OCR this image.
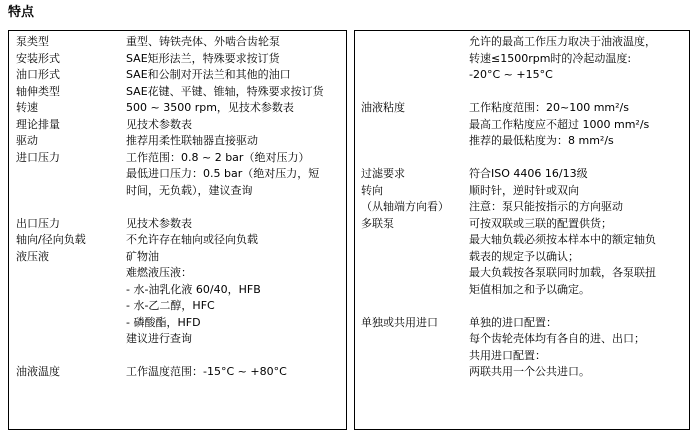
特点
泵类型	重型、铸铁壳体、外啮合齿轮泵
安装形式	SAE矩形法兰，特殊要求按订货
油口形式	SAE和公制对开法兰和其他的油口
轴伸类型	SAE花键、平键、锥轴，特殊要求按订货
转速	500 ~ 3500 rpm，见技术参数表
理论排量	见技术参数表
驱动	推荐用柔性联轴器直接驱动
进口压力	工作范围：0.8 ~ 2 bar（绝对压力）
最低进口压力：0.5 bar（绝对压力，短
时间，无负载），建议查询
出口压力	见技术参数表
轴向/径向负载	不允许存在轴向或径向负载
液压液	矿物油
难燃液压液：
- 水-油乳化液 60/40，HFB
- 水-乙二醇，HFC
- 磷酸酯，HFD
建议进行查询
油液温度	工作温度范围：-15°C ~ +80°C
允许的最高工作压力取决于油液温度，
转速≤1500rpm时的冷起动温度:
-20°C ~ +15°C
油液粘度	工作粘度范围：20~100 mm²/s
最高工作粘度应不超过 1000 mm²/s
推荐的最低粘度为：8 mm²/s
过滤要求	符合ISO 4406 16/13级
转向	顺时针，逆时针或双向
（从轴端方向看）	注意：泵只能按指示的方向驱动
多联泵	可按双联或三联的配置供货；
最大轴负载必须按本样本中的额定轴负
载表的规定予以确认；
最大负载按各泵联同时加载，各泵联扭
矩值相加之和予以确定。
单独或共用进口	单独的进口配置：
每个齿轮壳体均有各自的进、出口；
共用进口配置：
两联共用一个公共进口。
